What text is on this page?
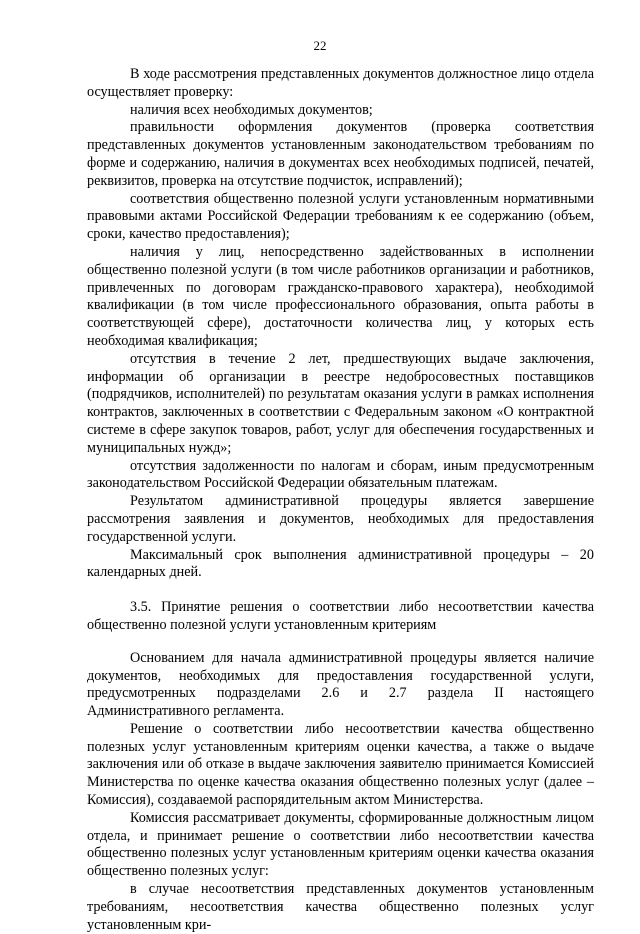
22

В ходе рассмотрения представленных документов должностное лицо отдела осуществляет проверку:

наличия всех необходимых документов;

правильности оформления документов (проверка соответствия представленных документов установленным законодательством требованиям по форме и содержанию, наличия в документах всех необходимых подписей, печатей, реквизитов, проверка на отсутствие подчисток, исправлений);

соответствия общественно полезной услуги установленным нормативными правовыми актами Российской Федерации требованиям к ее содержанию (объем, сроки, качество предоставления);

наличия у лиц, непосредственно задействованных в исполнении общественно полезной услуги (в том числе работников организации и работников, привлеченных по договорам гражданско-правового характера), необходимой квалификации (в том числе профессионального образования, опыта работы в соответствующей сфере), достаточности количества лиц, у которых есть необходимая квалификация;

отсутствия в течение 2 лет, предшествующих выдаче заключения, информации об организации в реестре недобросовестных поставщиков (подрядчиков, исполнителей) по результатам оказания услуги в рамках исполнения контрактов, заключенных в соответствии с Федеральным законом «О контрактной системе в сфере закупок товаров, работ, услуг для обеспечения государственных и муниципальных нужд»;

отсутствия задолженности по налогам и сборам, иным предусмотренным законодательством Российской Федерации обязательным платежам.

Результатом административной процедуры является завершение рассмотрения заявления и документов, необходимых для предоставления государственной услуги.

Максимальный срок выполнения административной процедуры – 20 календарных дней.

3.5. Принятие решения о соответствии либо несоответствии качества общественно полезной услуги установленным критериям

Основанием для начала административной процедуры является наличие документов, необходимых для предоставления государственной услуги, предусмотренных подразделами 2.6 и 2.7 раздела II настоящего Административного регламента.

Решение о соответствии либо несоответствии качества общественно полезных услуг установленным критериям оценки качества, а также о выдаче заключения или об отказе в выдаче заключения заявителю принимается Комиссией Министерства по оценке качества оказания общественно полезных услуг (далее – Комиссия), создаваемой распорядительным актом Министерства.

Комиссия рассматривает документы, сформированные должностным лицом отдела, и принимает решение о соответствии либо несоответствии качества общественно полезных услуг установленным критериям оценки качества оказания общественно полезных услуг:

в случае несоответствия представленных документов установленным требованиям, несоответствия качества общественно полезных услуг установленным кри-
